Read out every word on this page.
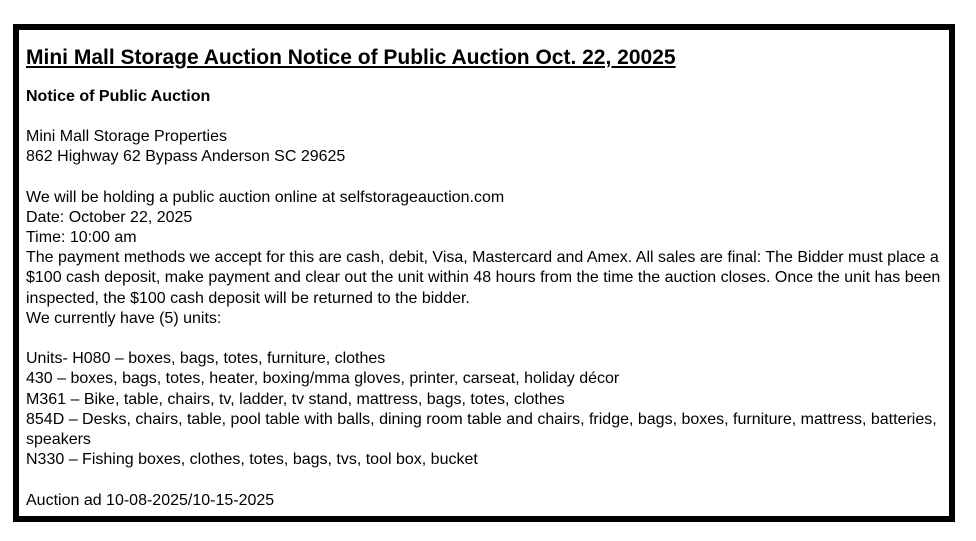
Mini Mall Storage Auction Notice of Public Auction Oct. 22, 20025

Notice of Public Auction

Mini Mall Storage Properties

862 Highway 62 Bypass Anderson SC 29625

We will be holding a public auction online at selfstorageauction.com

Date: October 22, 2025

Time: 10:00 am

The payment methods we accept for this are cash, debit, Visa, Mastercard and Amex. All sales are final: The Bidder must place a $100 cash deposit, make payment and clear out the unit within 48 hours from the time the auction closes. Once the unit has been inspected, the $100 cash deposit will be returned to the bidder.

We currently have (5) units:

Units- H080 – boxes, bags, totes, furniture, clothes

430 – boxes, bags, totes, heater, boxing/mma gloves, printer, carseat, holiday décor

M361 – Bike, table, chairs, tv, ladder, tv stand, mattress, bags, totes, clothes

854D – Desks, chairs, table, pool table with balls, dining room table and chairs, fridge, bags, boxes, furniture, mattress, batteries, speakers

N330 – Fishing boxes, clothes, totes, bags, tvs, tool box, bucket

Auction ad 10-08-2025/10-15-2025
